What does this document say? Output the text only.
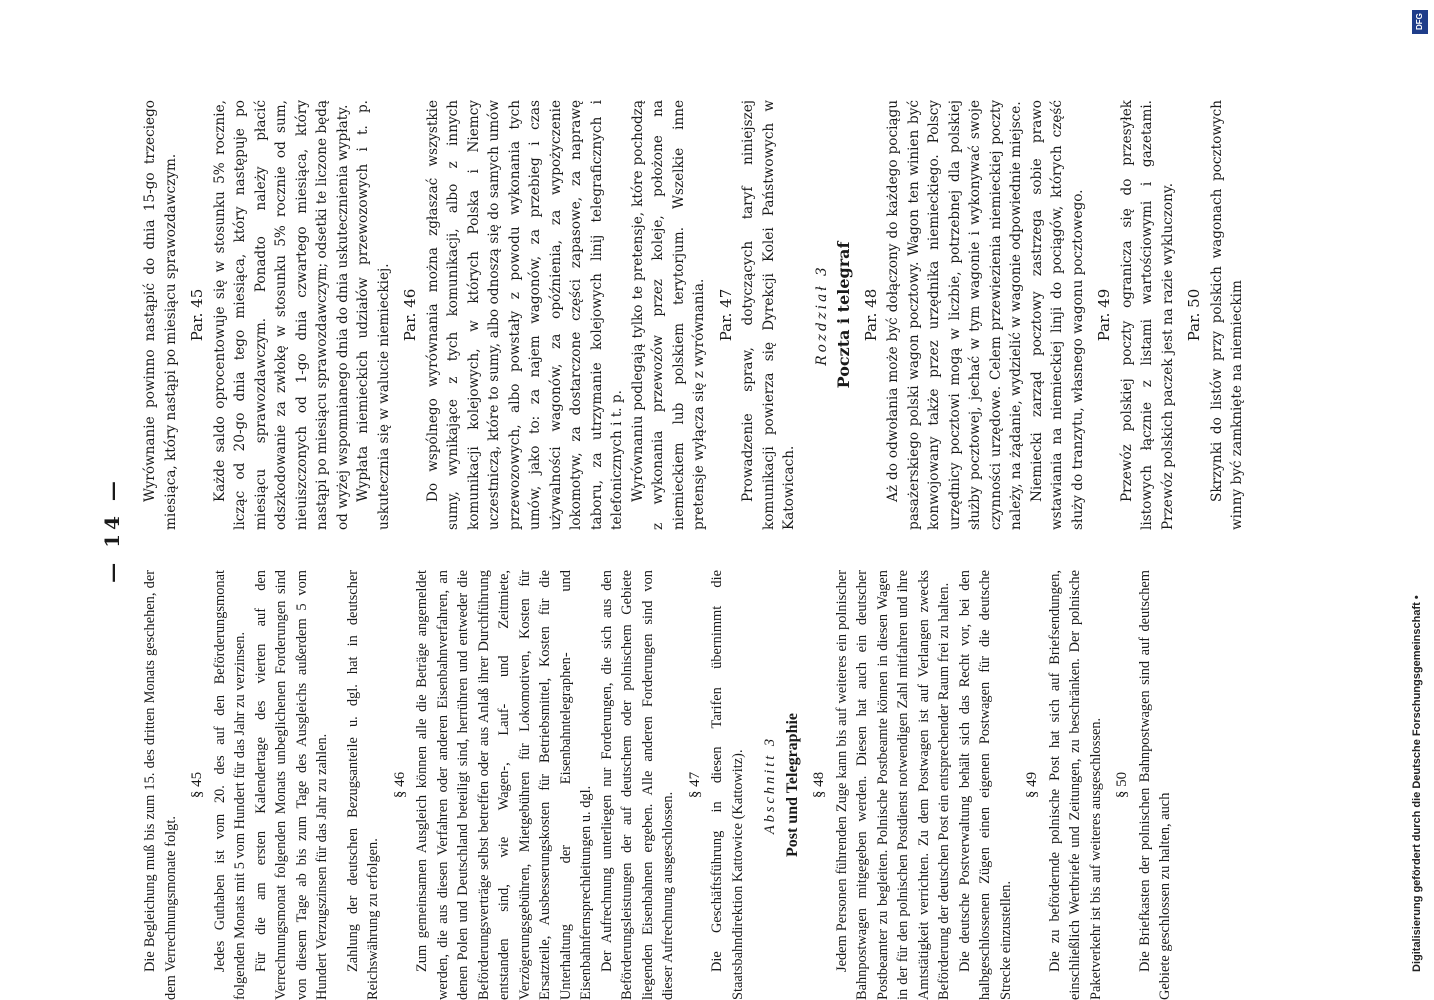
— 14 —

Die Begleichung muß bis zum 15. des dritten Monats geschehen, der dem Verrechnungsmonate folgt.

§ 45 Jedes Guthaben ist vom 20. des auf den Beförderungsmonat folgenden Monats mit 5 vom Hundert für das Jahr zu verzinsen. Für die am ersten Kalendertage des vierten auf den Verrechnungsmonat folgenden Monats unbeglichenen Forderungen sind von diesem Tage ab bis zum Tage des Ausgleichs außerdem 5 vom Hundert Verzugszinsen für das Jahr zu zahlen. Zahlung der deutschen Bezugsanteile u. dgl. hat in deutscher Reichswährung zu erfolgen.

§ 46 Zum gemeinsamen Ausgleich können alle die Beträge angemeldet werden, die aus diesen Verfahren oder anderen Eisenbahnverfahren, an denen Polen und Deutschland beteiligt sind, herrühren und entweder die Beförderungsverträge selbst betreffen oder aus Anlaß ihrer Durchführung entstanden sind, wie Wagen-, Lauf- und Zeitmiete, Verzögerungsgebühren, Mietgebühren für Lokomotiven, Kosten für Ersatzteile, Ausbesserungskosten für Betriebsmittel, Kosten für die Unterhaltung der Eisenbahntelegraphen- und Eisenbahnfernsprechleitungen u. dgl. Der Aufrechnung unterliegen nur Forderungen, die sich aus den Beförderungsleistungen der auf deutschem oder polnischem Gebiete liegenden Eisenbahnen ergeben. Alle anderen Forderungen sind von dieser Aufrechnung ausgeschlossen.

§ 47 Die Geschäftsführung in diesen Tarifen übernimmt die Staatsbahndirektion Kattowice (Kattowitz). Abschnitt 3 Post und Telegraphie § 48 Jedem Personen führenden Zuge kann bis auf weiteres ein polnischer Bahnpostwagen mitgegeben werden. Diesen hat auch ein deutscher Postbeamter zu begleiten. Polnische Postbeamte können in diesen Wagen in der für den polnischen Postdienst notwendigen Zahl mitfahren und ihre Amtstätigkeit verrichten. Zu dem Postwagen ist auf Verlangen zwecks Beförderung der deutschen Post ein entsprechender Raum frei zu halten. Die deutsche Postverwaltung behält sich das Recht vor, bei den halbgeschlossenen Zügen einen eigenen Postwagen für die deutsche Strecke einzustellen.

§ 49 Die zu befördernde polnische Post hat sich auf Briefsendungen, einschließlich Wertbriefe und Zeitungen, zu beschränken. Der polnische Paketverkehr ist bis auf weiteres ausgeschlossen. § 50 Die Briefkasten der polnischen Bahnpostwagen sind auf deutschem Gebiete geschlossen zu halten, auch

Wyrównanie powinno nastąpić do dnia 15-go trzeciego miesiąca, który nastąpi po miesiącu sprawozdawczym. Par. 45 Każde saldo oprocentowuje się w stosunku 5% rocznie, licząc od 20-go dnia tego miesiąca, który następuje po miesiącu sprawozdawczym. Ponadto należy płacić odszkodowanie za zwłokę w stosunku 5% rocznie od sum, nieuiszczonych od 1-go dnia czwartego miesiąca, który nastąpi po miesiącu sprawozdawczym; odsetki te liczone będą od wyżej wspomnianego dnia do dnia uskutecznienia wypłaty. Wypłata niemieckich udziałów przewozowych i t. p. uskutecznia się w walucie niemieckiej. Par. 46 Do wspólnego wyrównania można zgłaszać wszystkie sumy, wynikające z tych komunikacji, albo z innych komunikacji kolejowych, w których Polska i Niemcy uczestniczą, które to sumy, albo odnoszą się do samych umów przewozowych, albo powstały z powodu wykonania tych umów, jako to: za najem wagonów, za przebieg i czas używalności wagonów, za opóźnienia, za wypożyczenie lokomotyw, za dostarczone części zapasowe, za naprawę taboru, za utrzymanie kolejowych linij telegraficznych i telefonicznych i t. p. Wyrównaniu podlegają tylko te pretensje, które pochodzą z wykonania przewozów przez koleje, położone na niemieckiem lub polskiem terytorjum. Wszelkie inne pretensje wyłącza się z wyrównania. Par. 47 Prowadzenie spraw, dotyczących taryf niniejszej komunikacji powierza się Dyrekcji Kolei Państwowych w Katowicach.

Rozdział 3 Poczta i telegraf Par. 48 Aż do odwołania może być dołączony do każdego pociągu pasażerskiego polski wagon pocztowy. Wagon ten winien być konwojowany także przez urzędnika niemieckiego. Polscy urzędnicy pocztowi mogą w liczbie, potrzebnej dla polskiej służby pocztowej, jechać w tym wagonie i wykonywać swoje czynności urzędowe. Celem przewiezienia niemieckiej poczty należy, na żądanie, wydzielić w wagonie odpowiednie miejsce. Niemiecki zarząd pocztowy zastrzega sobie prawo wstawiania na niemieckiej linji do pociągów, których część służy do tranzytu, własnego wagonu pocztowego. Par. 49 Przewóz polskiej poczty ogranicza się do przesyłek listowych łącznie z listami wartościowymi i gazetami. Przewóz polskich paczek jest na razie wykluczony. Par. 50 Skrzynki do listów przy polskich wagonach pocztowych winny być zamknięte na niemieckim

Digitalisierung gefördert durch die Deutsche Forschungsgemeinschaft •
DFG
